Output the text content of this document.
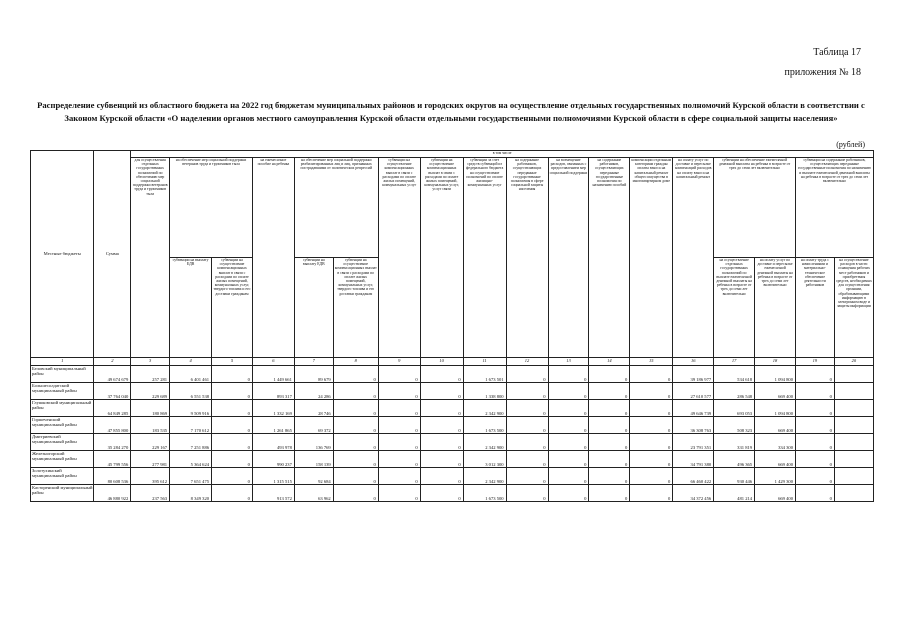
Таблица 17
приложения № 18
Распределение субвенций из областного бюджета на 2022 год бюджетам муниципальных районов и городских округов на осуществление отдельных государственных полномочий Курской области в соответствии с Законом Курской области «О наделении органов местного самоуправления Курской области отдельными государственными полномочиями Курской области в сфере социальной защиты населения»
(рублей)
Местные бюджеты	Сумма	в том числе																	
		для осуществления отдельных государственных полномочий по обеспечению мер социальной поддержки ветеранов труда и тружеников тыла	на обеспечение мер социальной поддержки ветеранов труда и тружеников тыла		на ежемесячное пособие на ребенка	на обеспечение мер социальной поддержки реабилитированных лиц и лиц, признанных пострадавшими от политических репрессий		субвенции на осуществление компенсационных выплат в связи с расходами по оплате жилых помещений, коммунальных услуг	субвенции на осуществление компенсационных выплат в связи с расходами по оплате жилых помещений, коммунальных услуг, услуг связи	субвенции за счет средств субвенций из федерального бюджета на осуществление полномочий по оплате жилищно-коммунальных услуг	на содержание работников, осуществляющих переданные государственные полномочия в сфере социальной защиты населения	на возмещение расходов, связанных с предоставлением мер социальной поддержки	на содержание работников, осуществляющих переданные государственные полномочия по назначению пособий	компенсации отдельным категориям граждан оплаты взноса на капитальный ремонт общего имущества в многоквартирном доме	на оплату услуг по доставке и пересылке компенсаций расходов на оплату взноса на капитальный ремонт	субвенции на обеспечение ежемесячной денежной выплаты на ребенка в возрасте от трех до семи лет включительно		субвенции на содержание работников, осуществляющих переданные государственные полномочия по назначению и выплате ежемесячной денежной выплаты на ребенка в возрасте от трех до семи лет включительно	
			субвенции на выплату ЕДВ	субвенции на осуществление компенсационных выплат в связи с расходами по оплате жилых помещений, коммунальных услуг, твердого топлива и его доставки гражданам		субвенции на выплату ЕДВ	субвенции на осуществление компенсационных выплат в связи с расходами по оплате жилых помещений, коммунальных услуг, твердого топлива и его доставки гражданам									на осуществление отдельных государственных полномочий по выплате ежемесячной денежной выплаты на ребенка в возрасте от трех до семи лет включительно	на оплату услуг по доставке и пересылке ежемесячной денежной выплаты на ребенка в возрасте от трех до семи лет включительно	на оплату труда с начислениями и материально-техническое обеспечение деятельности работников	на осуществление расходов в части оснащения рабочих мест работников и приобретения средств, необходимых для осуществления органами, обрабатывающими информацию в электронном виде и защиты информации
1	2	3	4	5	6	7	8	9	10	11	12	13	14	15	16	17	18	19	20
Беловский муниципальный район	49 674 679	257 281	6 401 461	0	1 449 661	89 679	0	0	0	1 673 501	0	0	0	0	39 186 977	534 618	1 094 800	0	
Большесолдатский муниципальный район	37 764 040	229 689	6 551 538	0	893 317	24 286	0	0	0	1 338 800	0	0	0	0	27 610 577	286 548	669 400	0	
Глушковский муниципальный район	64 849 285	180 869	9 509 916	0	1 332 169	28 746	0	0	0	2 342 900	0	0	0	0	49 646 739	693 053	1 094 800	0	
Горшеченский муниципальный район	47 855 800	183 535	7 170 612	0	1 261 865	69 372	0	0	0	1 673 500	0	0	0	0	36 308 763	508 323	669 400	0	
Дмитриевский муниципальный район	35 284 270	229 167	7 251 886	0	493 978	136 769	0	0	0	2 342 900	0	0	0	0	23 791 351	331 819	334 300	0	
Железногорский муниципальный район	45 799 556	277 981	5 364 624	0	990 237	158 139	0	0	0	3 012 300	0	0	0	0	34 791 380	496 365	669 400	0	
Золотухинский муниципальный район	80 608 536	395 612	7 651 475	0	1 315 515	92 684	0	0	0	2 342 900	0	0	0	0	66 460 422	930 446	1 429 300	0	
Касторенский муниципальный район	46 880 922	237 563	8 349 320	0	913 572	63 962	0	0	0	1 673 500	0	0	0	0	34 372 456	481 214	669 400	0	
